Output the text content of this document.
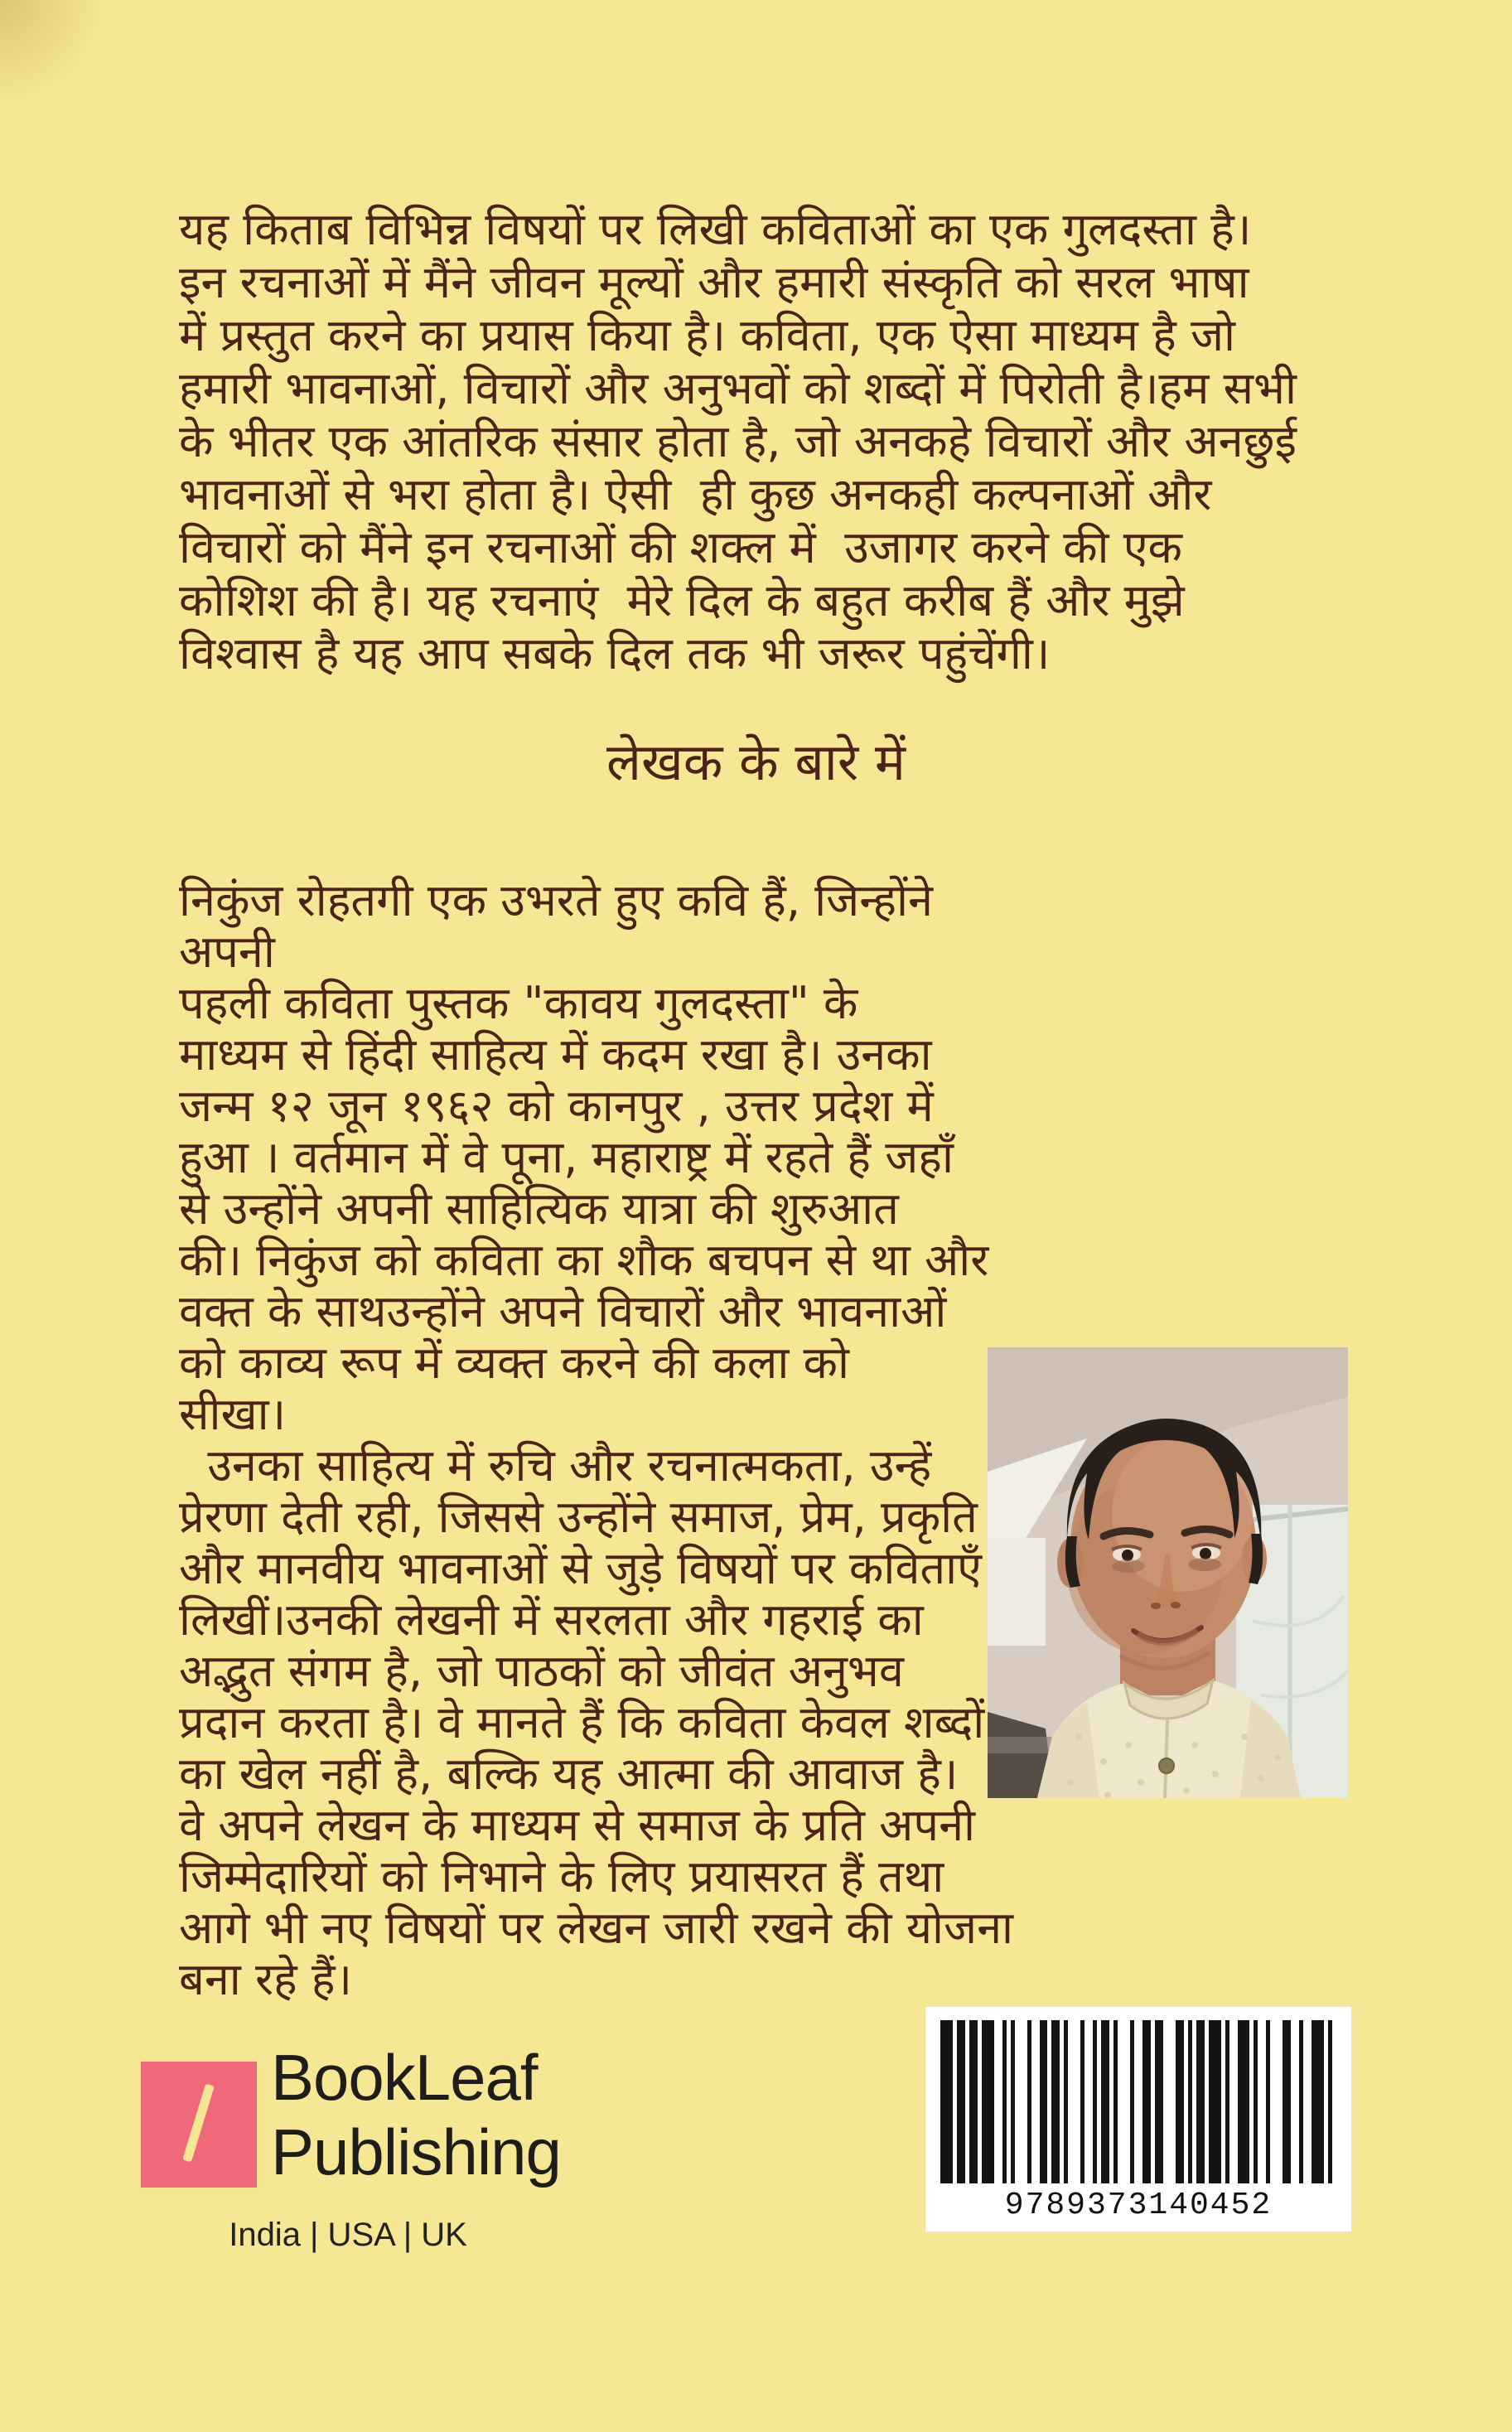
यह किताब विभिन्न विषयों पर लिखी कविताओं का एक गुलदस्ता है।
इन रचनाओं में मैंने जीवन मूल्यों और हमारी संस्कृति को सरल भाषा
में प्रस्तुत करने का प्रयास किया है। कविता, एक ऐसा माध्यम है जो
हमारी भावनाओं, विचारों और अनुभवों को शब्दों में पिरोती है।हम सभी
के भीतर एक आंतरिक संसार होता है, जो अनकहे विचारों और अनछुई
भावनाओं से भरा होता है। ऐसी  ही कुछ अनकही कल्पनाओं और
विचारों को मैंने इन रचनाओं की शक्ल में  उजागर करने की एक
कोशिश की है। यह रचनाएं  मेरे दिल के बहुत करीब हैं और मुझे
विश्वास है यह आप सबके दिल तक भी जरूर पहुंचेंगी।
लेखक के बारे में
निकुंज रोहतगी एक उभरते हुए कवि हैं, जिन्होंने
अपनी
पहली कविता पुस्तक "कावय गुलदस्ता" के
माध्यम से हिंदी साहित्य में कदम रखा है। उनका
जन्म १२ जून १९६२ को कानपुर , उत्तर प्रदेश में
हुआ । वर्तमान में वे पूना, महाराष्ट्र में रहते हैं जहाँ
से उन्होंने अपनी साहित्यिक यात्रा की शुरुआत
की। निकुंज को कविता का शौक बचपन से था और
वक्त के साथउन्होंने अपने विचारों और भावनाओं
को काव्य रूप में व्यक्त करने की कला को
सीखा।
उनका साहित्य में रुचि और रचनात्मकता, उन्हें
प्रेरणा देती रही, जिससे उन्होंने समाज, प्रेम, प्रकृति
और मानवीय भावनाओं से जुड़े विषयों पर कविताएँ
लिखीं।उनकी लेखनी में सरलता और गहराई का
अद्भुत संगम है, जो पाठकों को जीवंत अनुभव
प्रदान करता है। वे मानते हैं कि कविता केवल शब्दों
का खेल नहीं है, बल्कि यह आत्मा की आवाज है।
वे अपने लेखन के माध्यम से समाज के प्रति अपनी
जिम्मेदारियों को निभाने के लिए प्रयासरत हैं तथा
आगे भी नए विषयों पर लेखन जारी रखने की योजना
बना रहे हैं।
BookLeaf
Publishing
India | USA | UK
9789373140452
